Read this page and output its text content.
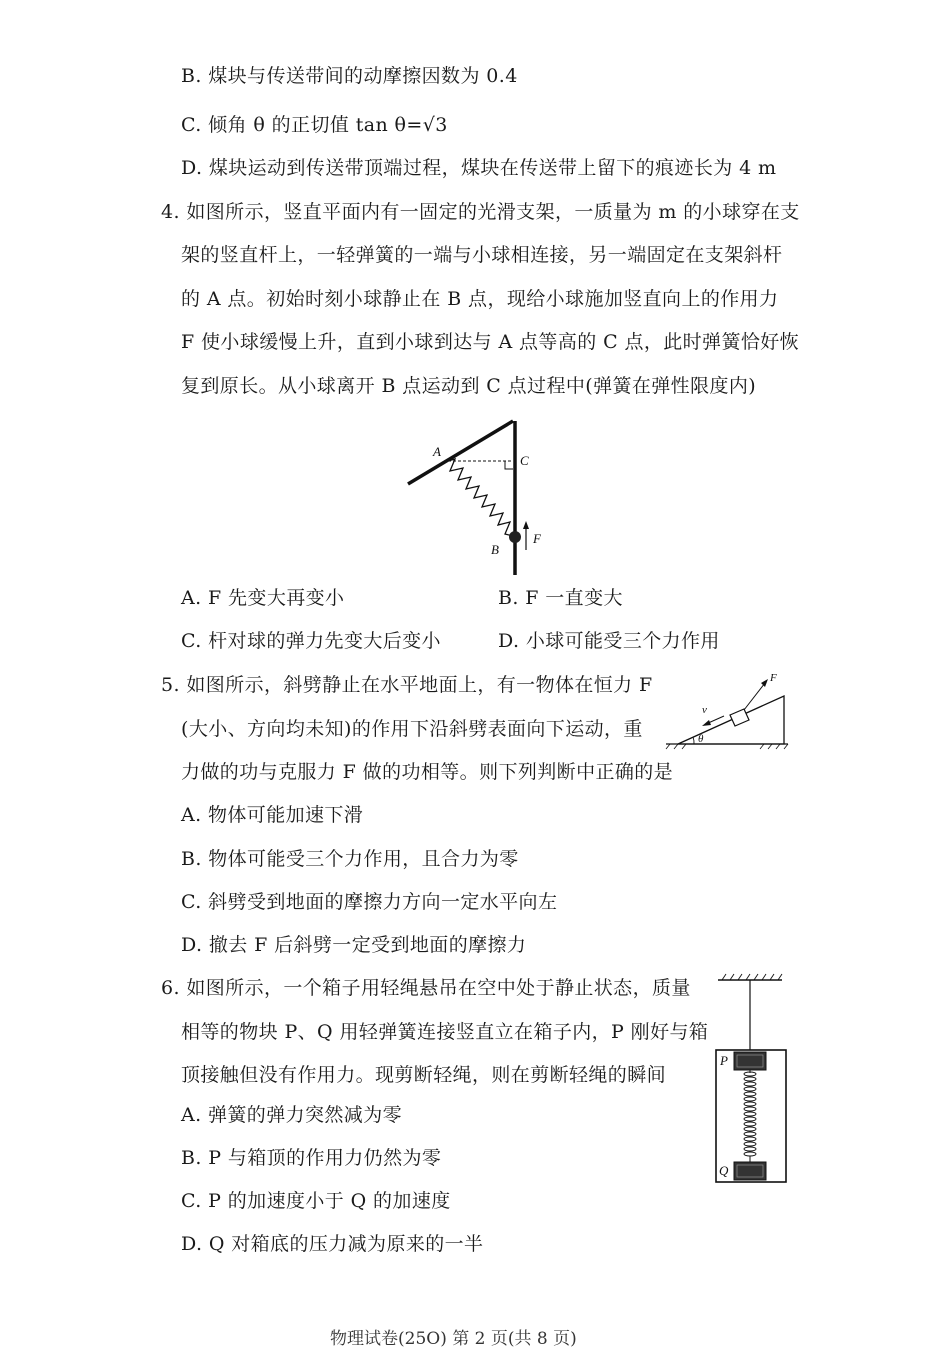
B. 煤块与传送带间的动摩擦因数为 0.4
C. 倾角 θ 的正切值 tan θ=√3
D. 煤块运动到传送带顶端过程，煤块在传送带上留下的痕迹长为 4 m
4. 如图所示，竖直平面内有一固定的光滑支架，一质量为 m 的小球穿在支
架的竖直杆上，一轻弹簧的一端与小球相连接，另一端固定在支架斜杆
的 A 点。初始时刻小球静止在 B 点，现给小球施加竖直向上的作用力
F 使小球缓慢上升，直到小球到达与 A 点等高的 C 点，此时弹簧恰好恢
复到原长。从小球离开 B 点运动到 C 点过程中(弹簧在弹性限度内)
A
C
B
F
A. F 先变大再变小	B. F 一直变大
C. 杆对球的弹力先变大后变小	D. 小球可能受三个力作用
5. 如图所示，斜劈静止在水平地面上，有一物体在恒力 F
(大小、方向均未知)的作用下沿斜劈表面向下运动，重
力做的功与克服力 F 做的功相等。则下列判断中正确的是
F
v
θ
A. 物体可能加速下滑
B. 物体可能受三个力作用，且合力为零
C. 斜劈受到地面的摩擦力方向一定水平向左
D. 撤去 F 后斜劈一定受到地面的摩擦力
6. 如图所示，一个箱子用轻绳悬吊在空中处于静止状态，质量
相等的物块 P、Q 用轻弹簧连接竖直立在箱子内，P 刚好与箱
顶接触但没有作用力。现剪断轻绳，则在剪断轻绳的瞬间
P
Q
A. 弹簧的弹力突然减为零
B. P 与箱顶的作用力仍然为零
C. P 的加速度小于 Q 的加速度
D. Q 对箱底的压力减为原来的一半
物理试卷(25O) 第 2 页(共 8 页)
